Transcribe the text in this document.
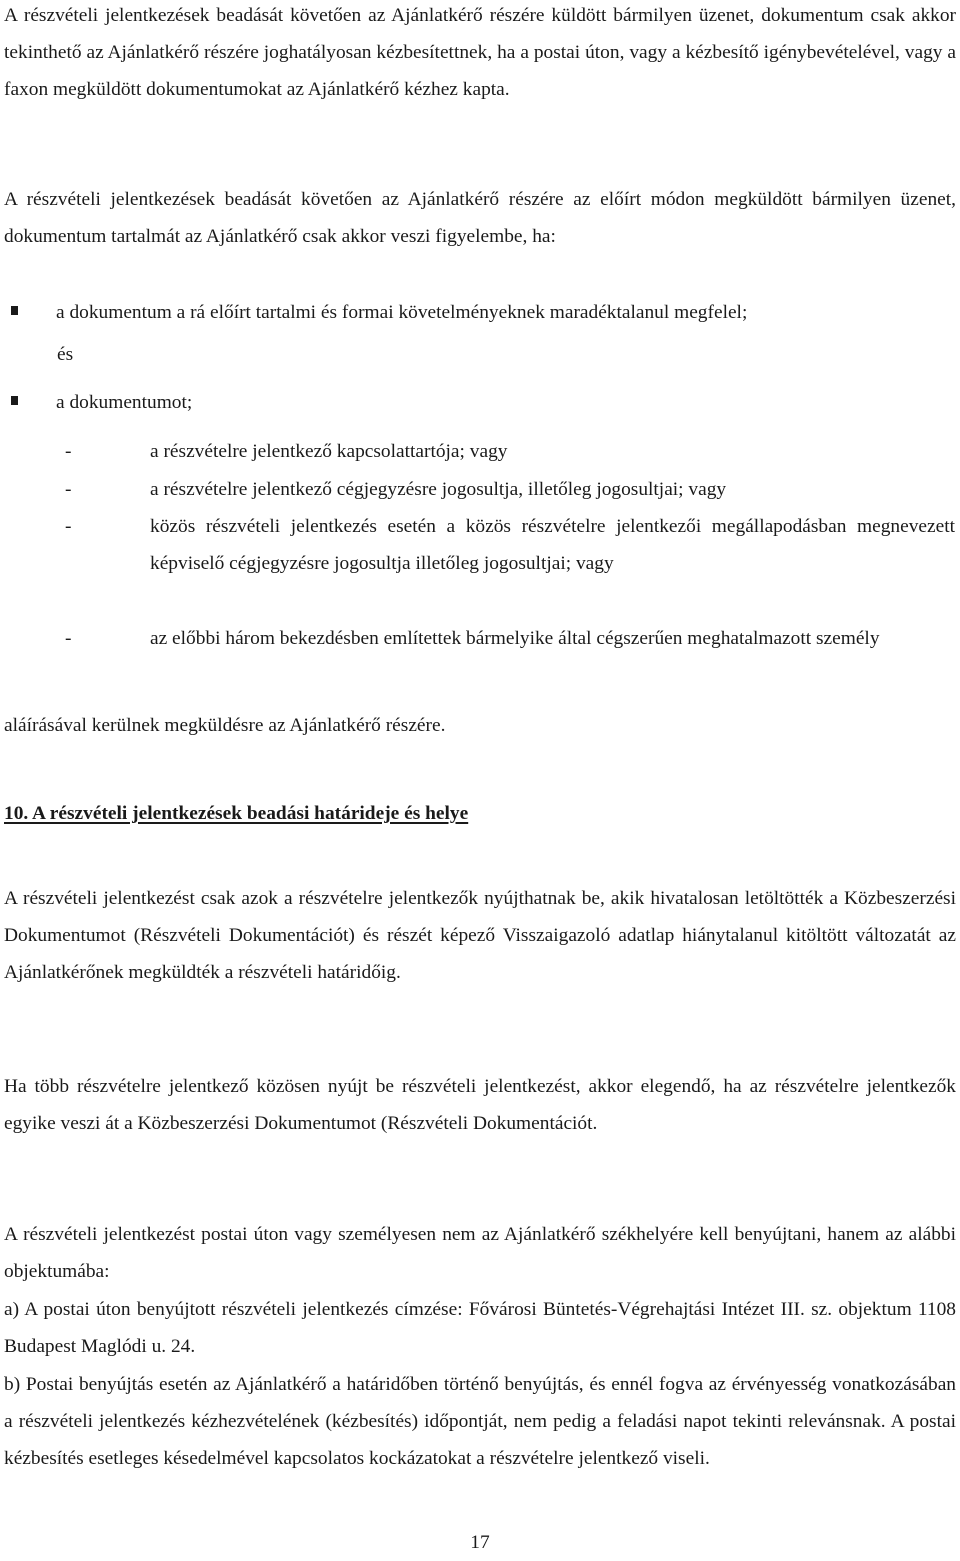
A részvételi jelentkezések beadását követően az Ajánlatkérő részére küldött bármilyen üzenet, dokumentum csak akkor tekinthető az Ajánlatkérő részére joghatályosan kézbesítettnek, ha a postai úton, vagy a kézbesítő igénybevételével, vagy a faxon megküldött dokumentumokat az Ajánlatkérő kézhez kapta.

A részvételi jelentkezések beadását követően az Ajánlatkérő részére az előírt módon megküldött bármilyen üzenet, dokumentum tartalmát az Ajánlatkérő csak akkor veszi figyelembe, ha:

a dokumentum a rá előírt tartalmi és formai követelményeknek maradéktalanul megfelel;
és
a dokumentumot;
-	a részvételre jelentkező kapcsolattartója; vagy
-	a részvételre jelentkező cégjegyzésre jogosultja, illetőleg jogosultjai; vagy
-	közös részvételi jelentkezés esetén a közös részvételre jelentkezői megállapodásban megnevezett képviselő cégjegyzésre jogosultja illetőleg jogosultjai; vagy
-	az előbbi három bekezdésben említettek bármelyike által cégszerűen meghatalmazott személy

aláírásával kerülnek megküldésre az Ajánlatkérő részére.

10. A részvételi jelentkezések beadási határideje és helye

A részvételi jelentkezést csak azok a részvételre jelentkezők nyújthatnak be, akik hivatalosan letöltötték a Közbeszerzési Dokumentumot (Részvételi Dokumentációt) és részét képező Visszaigazoló adatlap hiánytalanul kitöltött változatát az Ajánlatkérőnek megküldték a részvételi határidőig.

Ha több részvételre jelentkező közösen nyújt be részvételi jelentkezést, akkor elegendő, ha az részvételre jelentkezők egyike veszi át a Közbeszerzési Dokumentumot (Részvételi Dokumentációt.

A részvételi jelentkezést postai úton vagy személyesen nem az Ajánlatkérő székhelyére kell benyújtani, hanem az alábbi objektumába:

a) A postai úton benyújtott részvételi jelentkezés címzése: Fővárosi Büntetés-Végrehajtási Intézet III. sz. objektum 1108 Budapest Maglódi u. 24.

b) Postai benyújtás esetén az Ajánlatkérő a határidőben történő benyújtás, és ennél fogva az érvényesség vonatkozásában a részvételi jelentkezés kézhezvételének (kézbesítés) időpontját, nem pedig a feladási napot tekinti relevánsnak. A postai kézbesítés esetleges késedelmével kapcsolatos kockázatokat a részvételre jelentkező viseli.

17
